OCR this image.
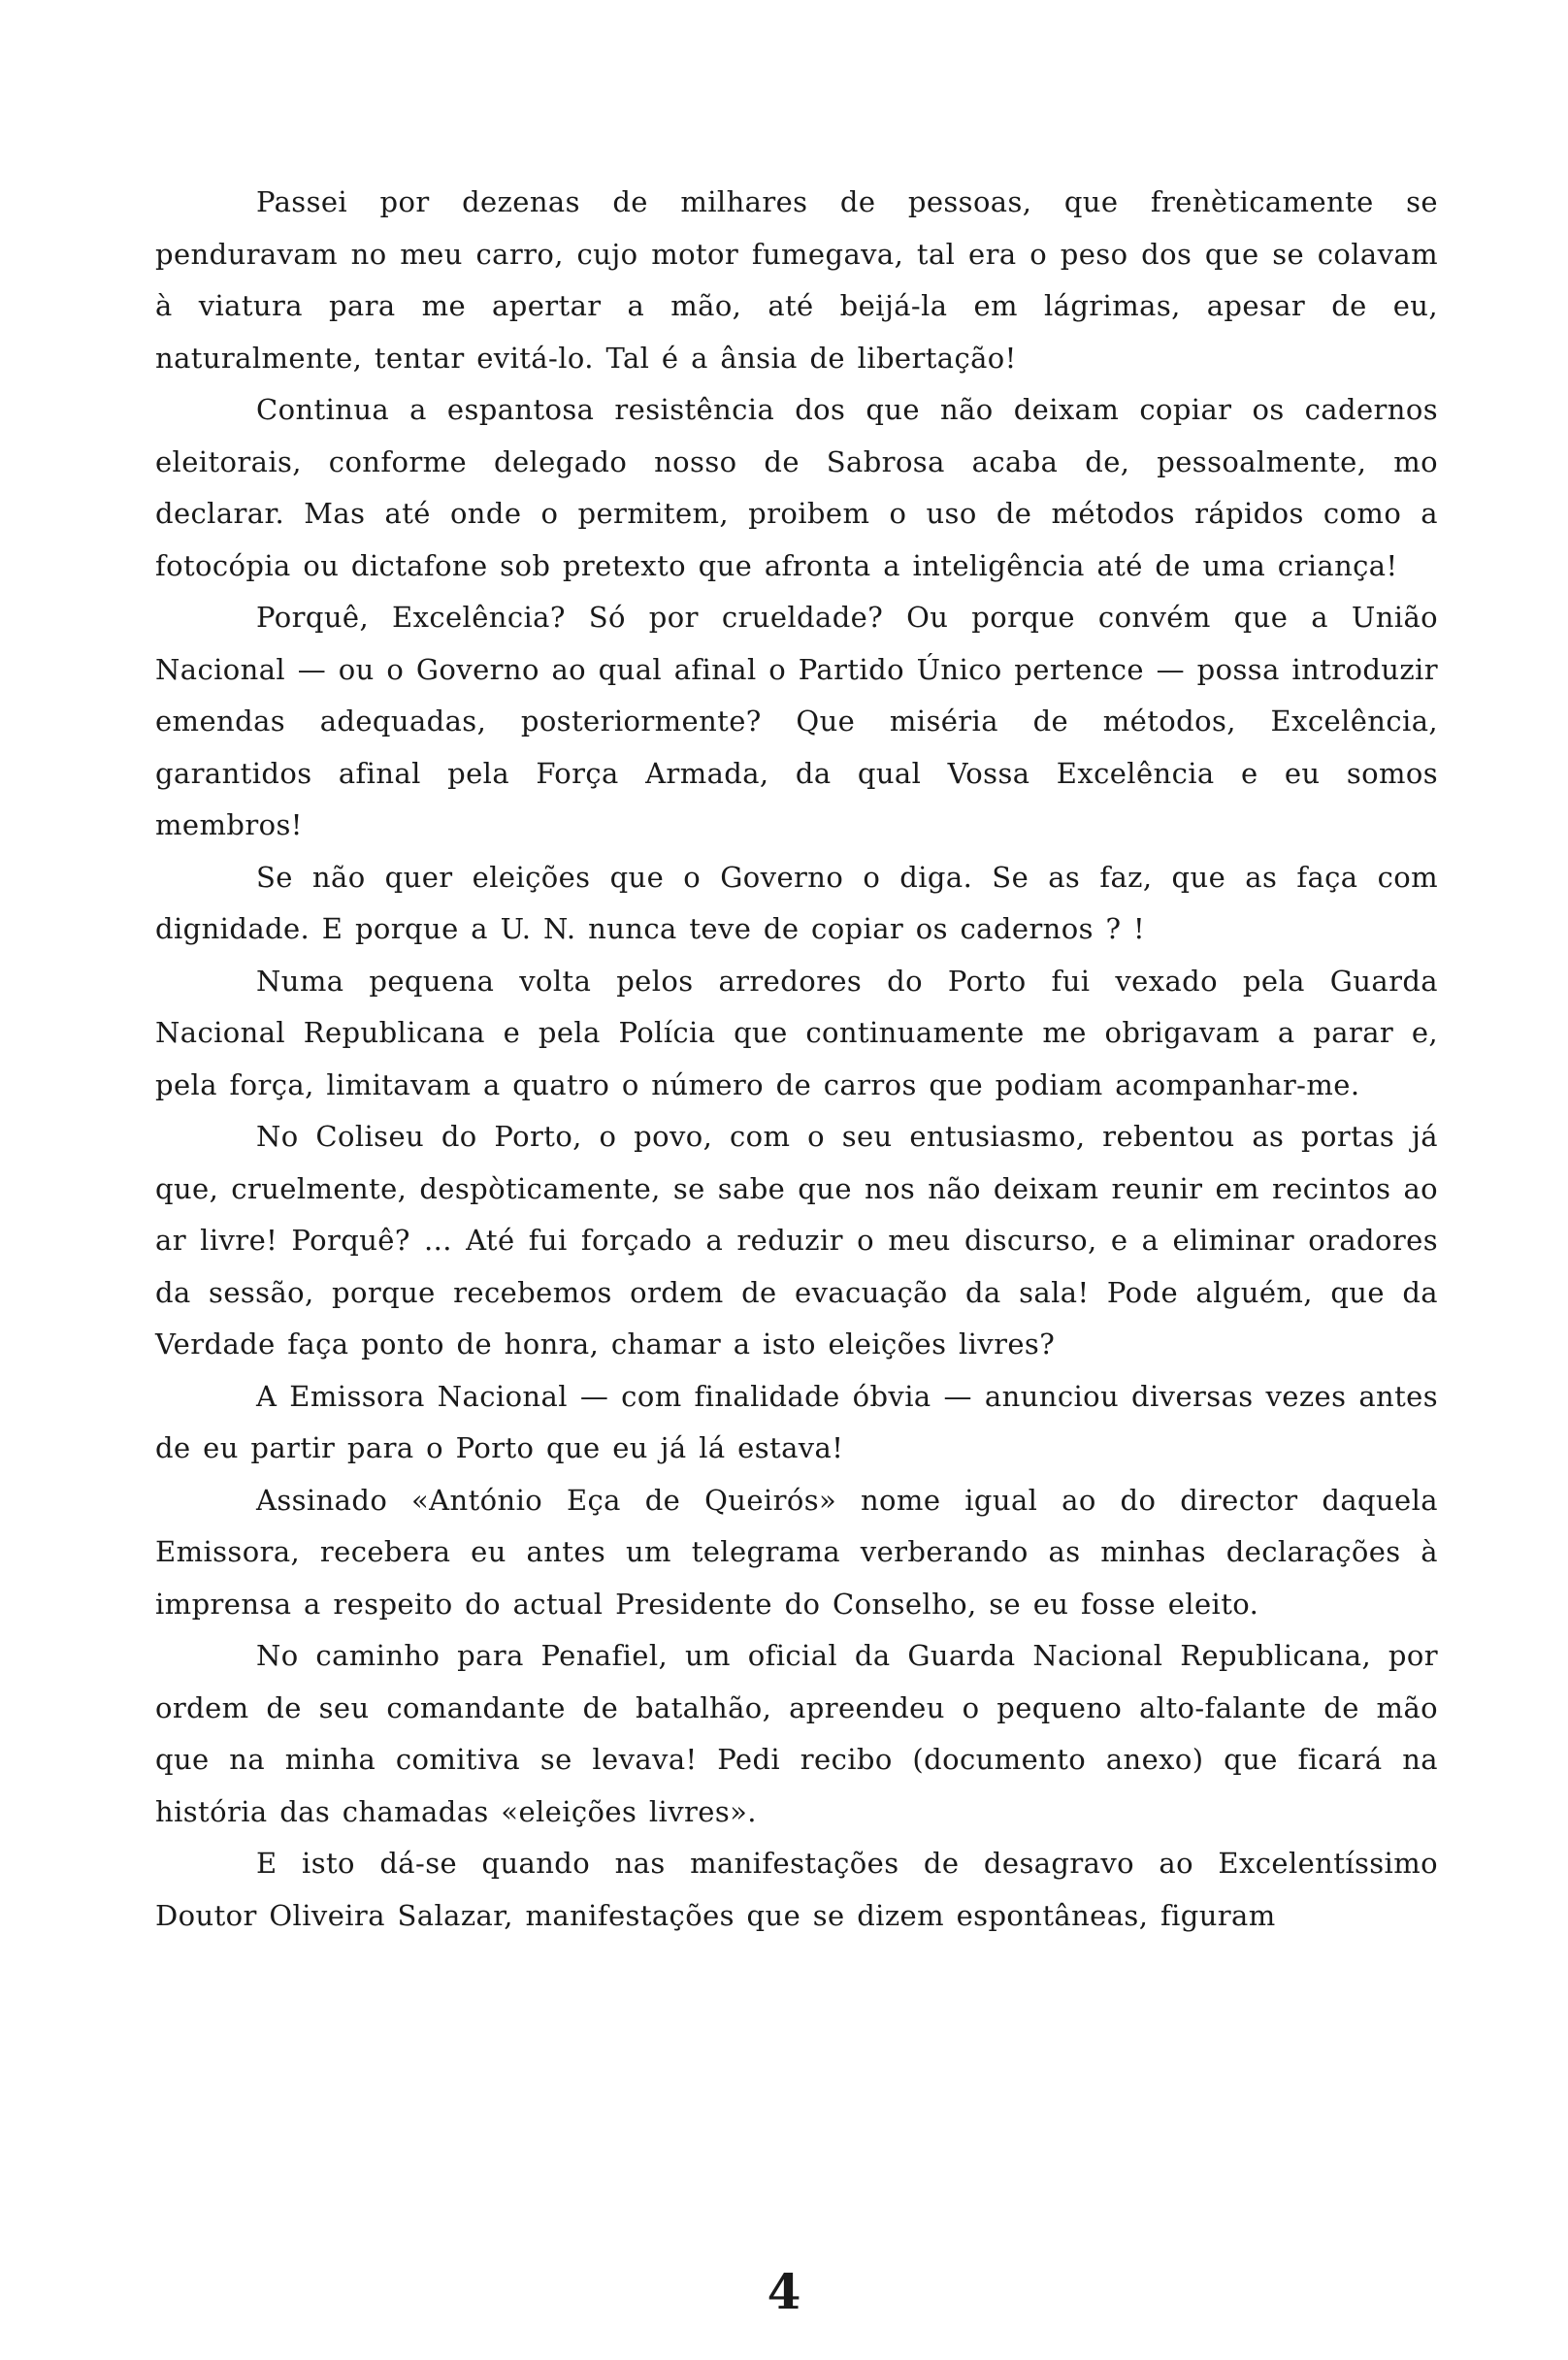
Passei por dezenas de milhares de pessoas, que frenèticamente se penduravam no meu carro, cujo motor fumegava, tal era o peso dos que se colavam à viatura para me apertar a mão, até beijá-la em lágrimas, apesar de eu, naturalmente, tentar evitá-lo. Tal é a ânsia de libertação!

Continua a espantosa resistência dos que não deixam copiar os cadernos eleitorais, conforme delegado nosso de Sabrosa acaba de, pessoalmente, mo declarar. Mas até onde o permitem, proibem o uso de métodos rápidos como a fotocópia ou dictafone sob pretexto que afronta a inteligência até de uma criança!

Porquê, Excelência? Só por crueldade? Ou porque convém que a União Nacional — ou o Governo ao qual afinal o Partido Único pertence — possa introduzir emendas adequadas, posteriormente? Que miséria de métodos, Excelência, garantidos afinal pela Força Armada, da qual Vossa Excelência e eu somos membros!

Se não quer eleições que o Governo o diga. Se as faz, que as faça com dignidade. E porque a U. N. nunca teve de copiar os cadernos ? !

Numa pequena volta pelos arredores do Porto fui vexado pela Guarda Nacional Republicana e pela Polícia que continuamente me obrigavam a parar e, pela força, limitavam a quatro o número de carros que podiam acompanhar-me.

No Coliseu do Porto, o povo, com o seu entusiasmo, rebentou as portas já que, cruelmente, despòticamente, se sabe que nos não deixam reunir em recintos ao ar livre! Porquê? ... Até fui forçado a reduzir o meu discurso, e a eliminar oradores da sessão, porque recebemos ordem de evacuação da sala! Pode alguém, que da Verdade faça ponto de honra, chamar a isto eleições livres?

A Emissora Nacional — com finalidade óbvia — anunciou diversas vezes antes de eu partir para o Porto que eu já lá estava!

Assinado «António Eça de Queirós» nome igual ao do director daquela Emissora, recebera eu antes um telegrama verberando as minhas declarações à imprensa a respeito do actual Presidente do Conselho, se eu fosse eleito.

No caminho para Penafiel, um oficial da Guarda Nacional Republicana, por ordem de seu comandante de batalhão, apreendeu o pequeno alto-falante de mão que na minha comitiva se levava! Pedi recibo (documento anexo) que ficará na história das chamadas «eleições livres».

E isto dá-se quando nas manifestações de desagravo ao Excelentíssimo Doutor Oliveira Salazar, manifestações que se dizem espontâneas, figuram

4
